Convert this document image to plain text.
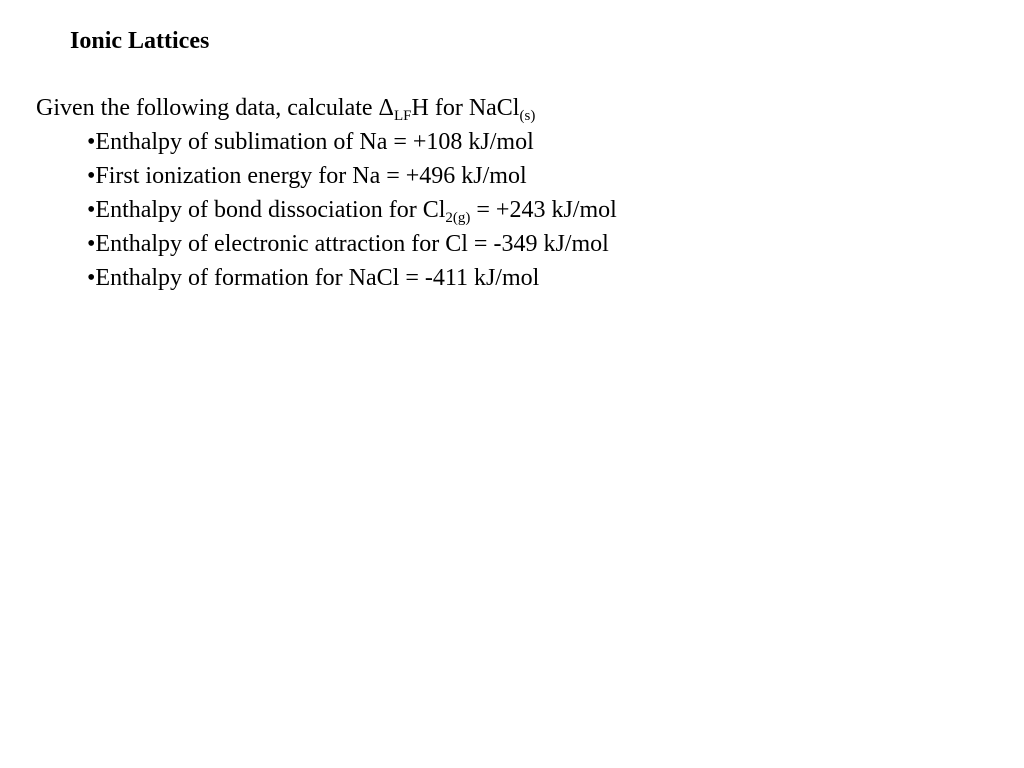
Ionic Lattices
Given the following data, calculate $\Delta_{LF}H$ for NaCl$_{(s)}$
•Enthalpy of sublimation of Na = +108 kJ/mol
•First ionization energy for Na = +496 kJ/mol
•Enthalpy of bond dissociation for $Cl_{2(g)} = +243$ kJ/mol
•Enthalpy of electronic attraction for Cl = -349 kJ/mol
•Enthalpy of formation for NaCl = -411 kJ/mol
